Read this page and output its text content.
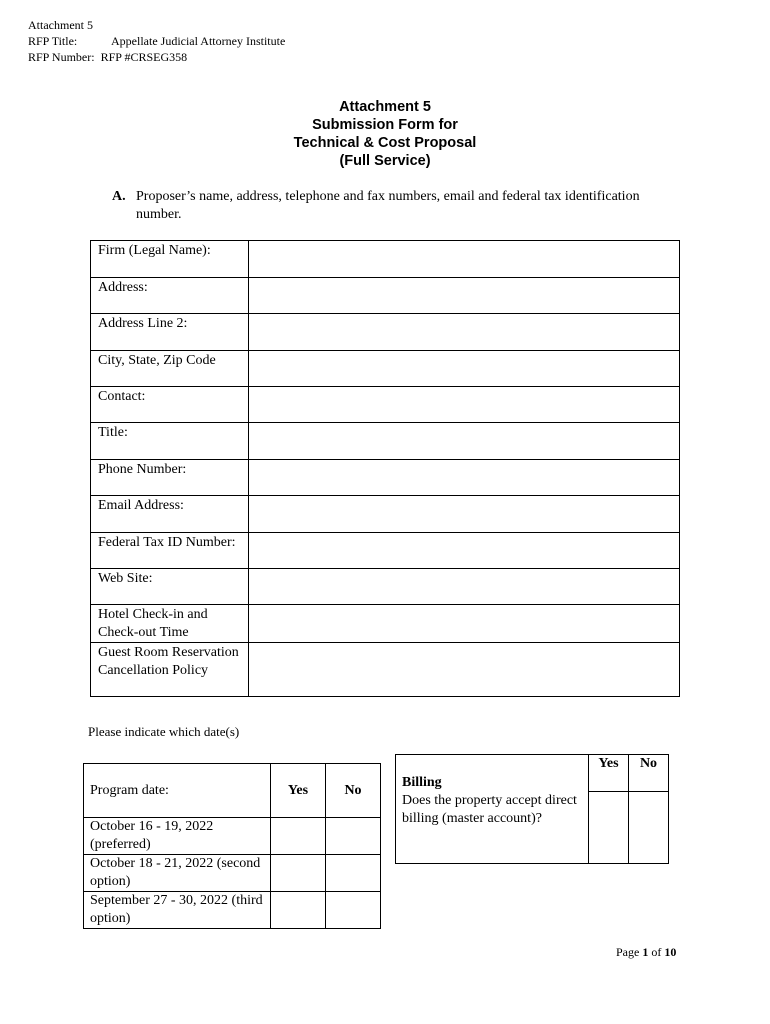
Attachment 5
RFP Title:	Appellate Judicial Attorney Institute
RFP Number: RFP #CRSEG358
Attachment 5
Submission Form for
Technical & Cost Proposal
(Full Service)
A. Proposer’s name, address, telephone and fax numbers, email and federal tax identification number.
Firm (Legal Name):	
Address:	
Address Line 2:	
City, State, Zip Code	
Contact:	
Title:	
Phone Number:	
Email Address:	
Federal Tax ID Number:	
Web Site:	
Hotel Check-in and Check-out Time	
Guest Room Reservation Cancellation Policy	
Please indicate which date(s)
Program date:	Yes	No
October 16 - 19, 2022 (preferred)		
October 18 - 21, 2022 (second option)		
September 27 - 30, 2022 (third option)		
Billing	Yes	No
Does the property accept direct billing (master account)?		
Page 1 of 10
